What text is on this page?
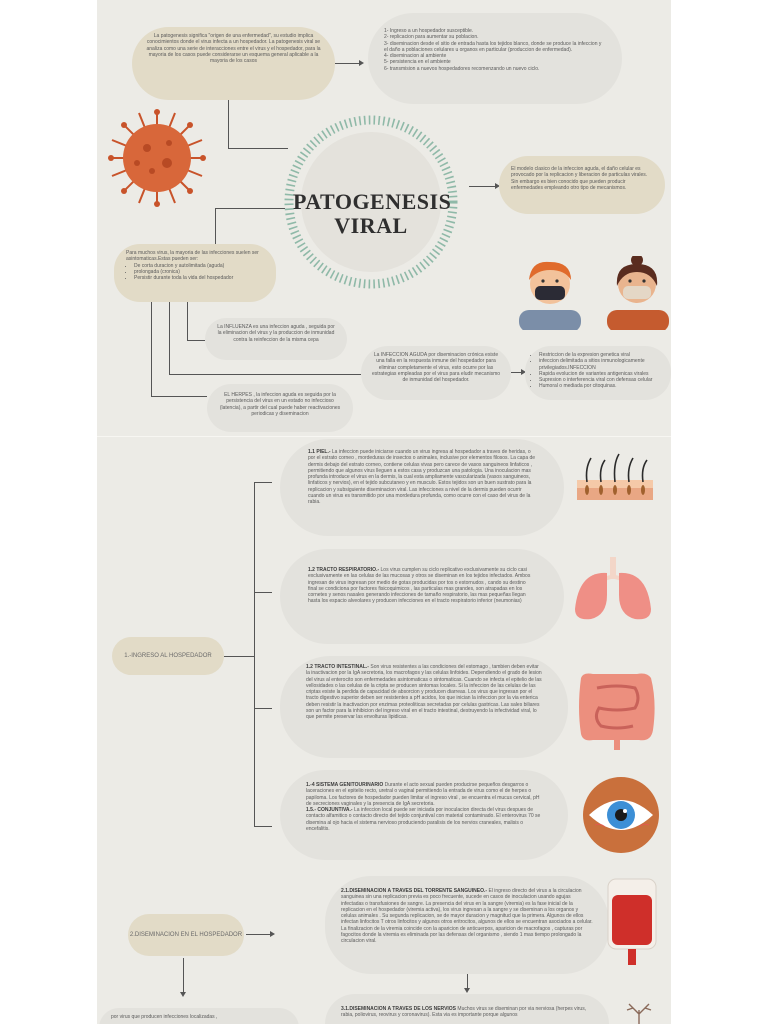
La patogenesis significa "origen de una enfermedad", su estudio implica conocimientos donde el virus infecta a un hospedador. La patogenesis viral se analiza como una serie de interacciones entre el virus y el hospedador, para la mayoria de los casos puede considerarse un esquema general aplicable a la mayoria de los casos
1- Ingreso a un hospedador susceptible.
2- replicacion para aumentar su poblacion.
3- diseminacion desde el sitio de entrada hasta los tejidos blanco, donde se produce la infeccion y el daño a poblaciones celulares u organos en particular (produccion de enfermedad).
4- diseminacion al ambiente
5- persistencia en el ambiente
6- transmision a nuevos hospedadores recomenzando un nuevo ciclo.
PATOGENESIS
VIRAL
El modelo clasico de la infeccion aguda, el daño celular es provocado por la replicacion y liberacion de particulas virales. Sin embargo es bien conocido que pueden producir enfermedades empleando otro tipo de mecanismos.
Para muchos virus, la mayoria de las infecciones suelen ser asintomaticas.Estas pueden ser:
• De corta duracion y autolimitada (aguda)
• prolongada (cronica)
• Persistir durante toda la vida del hospedador
La INFLUENZA es una infeccion aguda , seguida por la eliminacion del virus y la produccion de inmunidad contra la reinfeccion de la misma cepa
La INFECCION AGUDA por diseminacion crónica existe una falla en la respuesta inmune del hospedador para eliminar completamente el virus, esto ocurre por las estrategias empleadas por el virus para eludir mecanismo de inmunidad del hospedador.
• Restriccion de la expresion genetica viral
• infeccion delimitada a sitios inmunologicamente privilegiados.INFECCION
• Rapida evolucion de variantes antigenicas virales
• Supresion o interferencia viral con defensas celular
• Humoral o mediada por citoquinas.
EL HERPES , la infeccion aguda es seguida por la persistencia del virus en un estado no infeccioso (latencia), a partir del cual puede haber reactivaciones periodicas y diseminacion
1.-INGRESO AL HOSPEDADOR
1.1 PIEL.- La infeccion puede iniciarse cuando un virus ingresa al hospedador a traves de heridas, o por el estrato corneo , mordeduras de insectos o animales, inclusive por elementos filosos. La capa de dermis debajo del estrato corneo, contiene celulas vivas pero carece de vasos sanguineos linfaticos , permitiendo que algunos virus lleguen a estos casa y produzcan una patologia. Una inoculacion mas profunda introduce el virus en la dermis, la cual esta ampliamente vascularizada (vasos sanguineos, linfaticos y nervios), en el tejido subcutaneo y en musculo. Estos tejidos son un buen sustrato para la replicacion y subsiguiente diseminacion viral. Las infecciones a nivel de la dermis pueden ocurrir cuando un virus es transmitido por una mordedura profunda, como ocurre con el caso del virus de la rabia.
1.2 TRACTO RESPIRATORIO.- Los virus cumplen su ciclo replicativo exclusivamente su ciclo casi exclusivamente en las celulas de las mucosas y otros se diseminan en los tejidos infectados. Ambos ingresan de virus ingresan por medio de gotas producidas por tos o estornudos , cando su destino final se condiciona por factores fisicoquimicos , las particulas mas grandes, son atrapadas en los cornetes y senos nasales generando infecciones de tamaño respiratorio, las mas pequeñas llegan hasta los espacio alveolares y producen infecciones en el tracto respiratorio inferior (neumonias)
1.2 TRACTO INTESTINAL.- Son virus resistentes a las condiciones del estomago , tambien deben evitar la inactivacion por la IgA secretoria, los macrofagos y las celulas linfoides. Dependiendo el grado de lesion del virus al enterocito son enfermedades asintomaticas o sintomaticas. Cuando se infecta el epitelio de las vellosidades o las celulas de la cripta se producen sintomas locales. Si la infeccion de las celulas de las criptas existe la perdida de capacidad de absorcion y producen diarreas. Los virus que ingresan por el tracto digestivo superior deben ser resistentes a pH acidos, los que inician la infeccion por la via enterica deben resistir la inactivacion por enzimas proteoliticas secretadas por celulas gastricas. Las sales biliares son un factor para la inhibicion del ingreso viral en el tracto intestinal, destruyendo la infectividad viral, lo que permite preservar las envolturas lipidicas.
1.-4 SISTEMA GENITOURINARIO Durante el acto sexual pueden producirse pequeños desgarros o laceraciones en el epitelio recto, uretral o vaginal permitiendo la entrada de virus como el de herpes o papiloma. Los factores de hospedador pueden limitar el ingreso viral , se encuentra el mucus cervical, pH de secreciones vaginales y la presencia de IgA secretoria.
1.5.- CONJUNTIVA.- La infeccion local puede ser iniciada por inoculacion directa del virus despues de contacto alfamitico o contacto directo del tejido conjuntival con material contaminado. El enterovirus 70 se disemina al ojo hacia el sistema nervioso produciendo paralisis de los nervios craneales, malisis o encefalitis.
2.DISEMINACION EN EL HOSPEDADOR
2.1.DISEMINACION A TRAVES DEL TORRENTE SANGUINEO.- El ingreso directo del virus a la circulacion sanguinea sin una replicacion previa es poco frecuente, sucede en casos de inoculacion usando agujas infectadas o transfusiones de sangre. La presencia del virus en la sangre (viremia) es la fase inicial de la replicacion en el hospedador (viremia activa), los virus ingresan a la sangre y se diseminan a los organos y celulas animales . Su segunda replicacion, se de mayor duracion y magnitud que la primera. Algunos de ellos infectan linfocitos T otros linfocitos y algunos otros eritrocitos, algunos de ellos se encuentran asociados a celular. La finalizacion de la viremia coincide con la aparicion de anticuerpos, aparicion de macrofagos , capturas por fagocitos donde la viremia es eliminada por las defensas del organismo , siendo 1 mas tiempo prolongado la circulacion viral.
3.1.DISEMINACION A TRAVES DE LOS NERVIOS Muchos virus se diseminan por via nerviosa (herpes virus, rabia, poliovirus, reovirus y coronavirus). Esta via es importante porque algunos
por virus que producen infecciones localizadas ,
